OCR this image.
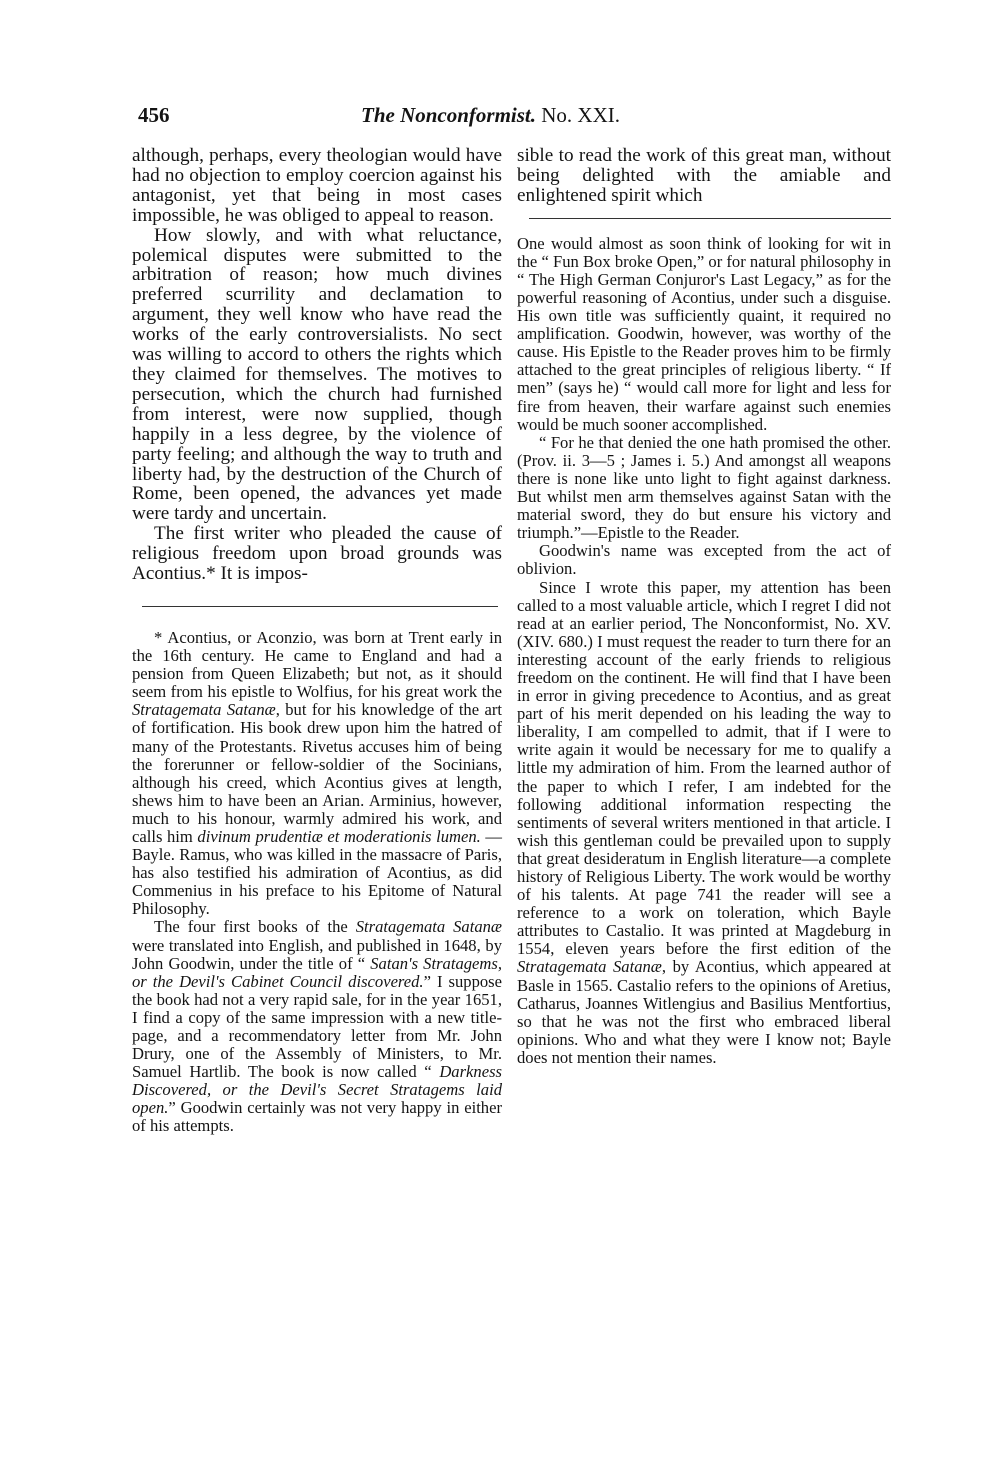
456	The Nonconformist. No. XXI.

although, perhaps, every theologian would have had no objection to employ coercion against his antagonist, yet that being in most cases impossible, he was obliged to appeal to reason.

How slowly, and with what reluctance, polemical disputes were submitted to the arbitration of reason; how much divines preferred scurrility and declamation to argument, they well know who have read the works of the early controversialists. No sect was willing to accord to others the rights which they claimed for themselves. The motives to persecution, which the church had furnished from interest, were now supplied, though happily in a less degree, by the violence of party feeling; and although the way to truth and liberty had, by the destruction of the Church of Rome, been opened, the advances yet made were tardy and uncertain.

The first writer who pleaded the cause of religious freedom upon broad grounds was Acontius.* It is impos-

* Acontius, or Aconzio, was born at Trent early in the 16th century. He came to England and had a pension from Queen Elizabeth; but not, as it should seem from his epistle to Wolfius, for his great work the Stratagemata Satanæ, but for his knowledge of the art of fortification. His book drew upon him the hatred of many of the Protestants. Rivetus accuses him of being the forerunner or fellow-soldier of the Socinians, although his creed, which Acontius gives at length, shews him to have been an Arian. Arminius, however, much to his honour, warmly admired his work, and calls him divinum prudentiæ et moderationis lumen. —Bayle. Ramus, who was killed in the massacre of Paris, has also testified his admiration of Acontius, as did Commenius in his preface to his Epitome of Natural Philosophy.

The four first books of the Stratagemata Satanæ were translated into English, and published in 1648, by John Goodwin, under the title of “ Satan's Stratagems, or the Devil's Cabinet Council discovered.” I suppose the book had not a very rapid sale, for in the year 1651, I find a copy of the same impression with a new title-page, and a recommendatory letter from Mr. John Drury, one of the Assembly of Ministers, to Mr. Samuel Hartlib. The book is now called “ Darkness Discovered, or the Devil's Secret Stratagems laid open.” Goodwin certainly was not very happy in either of his attempts.

sible to read the work of this great man, without being delighted with the amiable and enlightened spirit which

One would almost as soon think of looking for wit in the “ Fun Box broke Open,” or for natural philosophy in “ The High German Conjuror's Last Legacy,” as for the powerful reasoning of Acontius, under such a disguise. His own title was sufficiently quaint, it required no amplification. Goodwin, however, was worthy of the cause. His Epistle to the Reader proves him to be firmly attached to the great principles of religious liberty. “ If men” (says he) “ would call more for light and less for fire from heaven, their warfare against such enemies would be much sooner accomplished.

“ For he that denied the one hath promised the other. (Prov. ii. 3—5 ; James i. 5.) And amongst all weapons there is none like unto light to fight against darkness. But whilst men arm themselves against Satan with the material sword, they do but ensure his victory and triumph.”—Epistle to the Reader.

Goodwin's name was excepted from the act of oblivion.

Since I wrote this paper, my attention has been called to a most valuable article, which I regret I did not read at an earlier period, The Nonconformist, No. XV. (XIV. 680.) I must request the reader to turn there for an interesting account of the early friends to religious freedom on the continent. He will find that I have been in error in giving precedence to Acontius, and as great part of his merit depended on his leading the way to liberality, I am compelled to admit, that if I were to write again it would be necessary for me to qualify a little my admiration of him. From the learned author of the paper to which I refer, I am indebted for the following additional information respecting the sentiments of several writers mentioned in that article. I wish this gentleman could be prevailed upon to supply that great desideratum in English literature—a complete history of Religious Liberty. The work would be worthy of his talents. At page 741 the reader will see a reference to a work on toleration, which Bayle attributes to Castalio. It was printed at Magdeburg in 1554, eleven years before the first edition of the Stratagemata Satanæ, by Acontius, which appeared at Basle in 1565. Castalio refers to the opinions of Aretius, Catharus, Joannes Witlengius and Basilius Mentfortius, so that he was not the first who embraced liberal opinions. Who and what they were I know not; Bayle does not mention their names.
